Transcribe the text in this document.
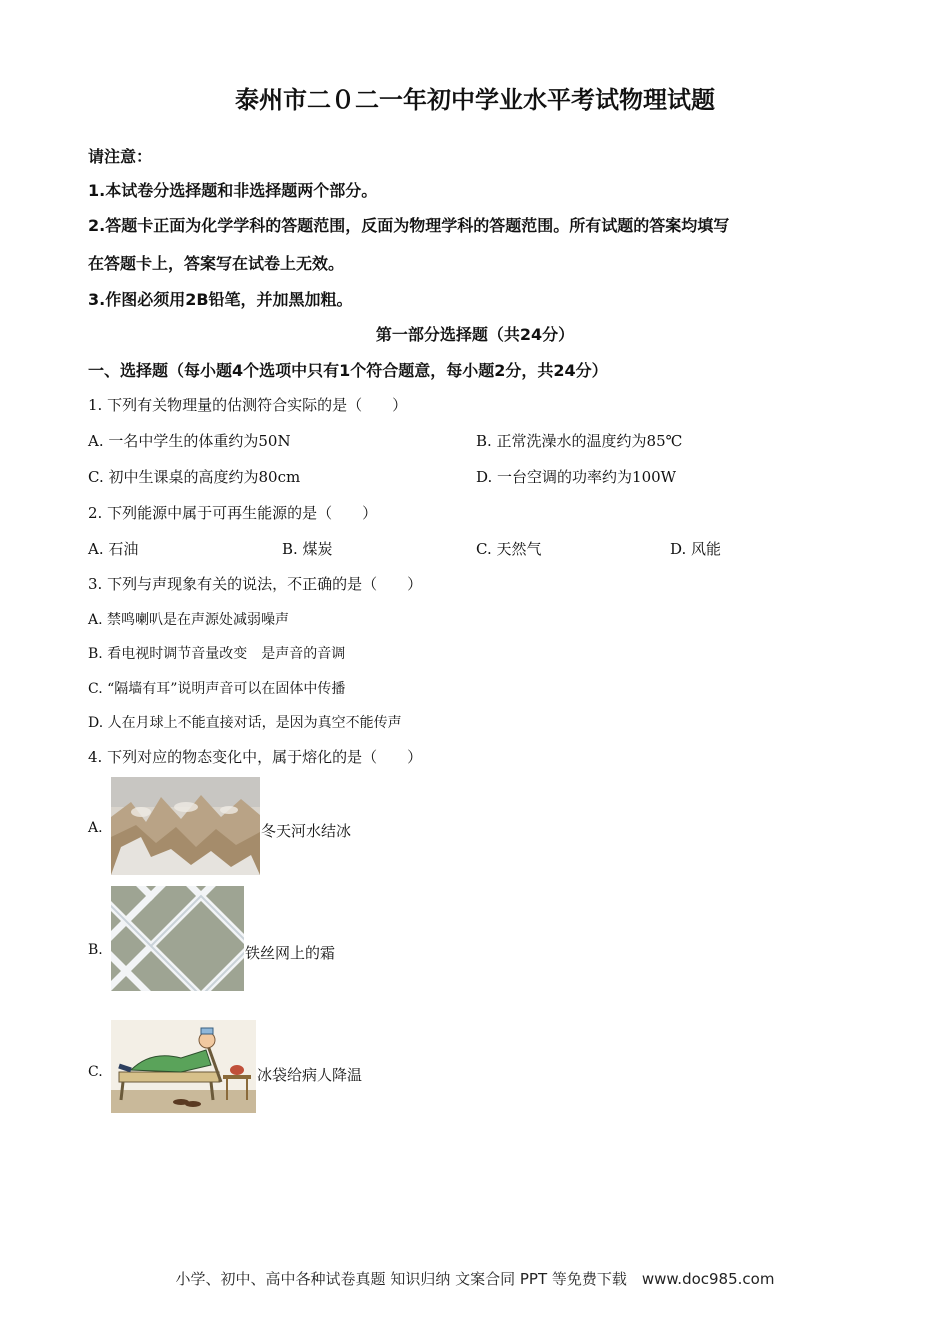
泰州市二０二一年初中学业水平考试物理试题
请注意：
1.本试卷分选择题和非选择题两个部分。
2.答题卡正面为化学学科的答题范围，反面为物理学科的答题范围。所有试题的答案均填写
在答题卡上，答案写在试卷上无效。
3.作图必须用2B铅笔，并加黑加粗。
第一部分选择题（共24分）
一、选择题（每小题4个选项中只有1个符合题意，每小题2分，共24分）
1. 下列有关物理量的估测符合实际的是（　　）
A. 一名中学生的体重约为50N	B. 正常洗澡水的温度约为85℃
C. 初中生课桌的高度约为80cm	D. 一台空调的功率约为100W
2. 下列能源中属于可再生能源的是（　　）
A. 石油	B. 煤炭	C. 天然气	D. 风能
3. 下列与声现象有关的说法，不正确的是（　　）
A. 禁鸣喇叭是在声源处减弱噪声
B. 看电视时调节音量改变　是声音的音调
C. “隔墙有耳”说明声音可以在固体中传播
D. 人在月球上不能直接对话，是因为真空不能传声
4. 下列对应的物态变化中，属于熔化的是（　　）
A.	冬天河水结冰
B.	铁丝网上的霜
C.	冰袋给病人降温
小学、初中、高中各种试卷真题 知识归纳 文案合同 PPT 等免费下载　www.doc985.com
